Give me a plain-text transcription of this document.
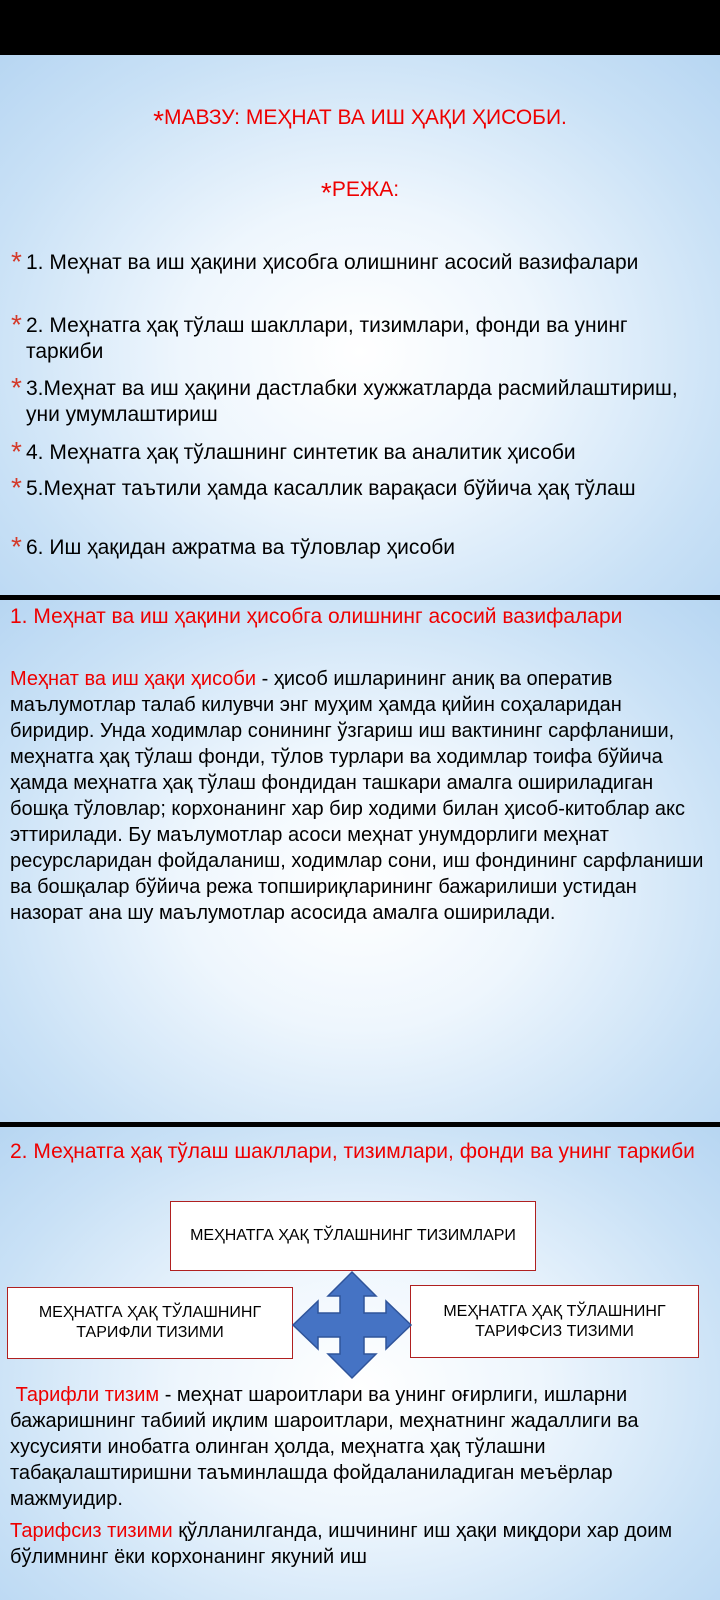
*МАВЗУ: МЕҲНАТ ВА ИШ ҲАҚИ ҲИСОБИ.
*РЕЖА:
* 1. Меҳнат ва иш ҳақини ҳисобга олишнинг асосий вазифалари
* 2. Меҳнатга ҳақ тўлаш шакллари, тизимлари, фонди ва унинг таркиби
* 3.Меҳнат ва иш ҳақини дастлабки хужжатларда расмийлаштириш, уни умумлаштириш
* 4. Меҳнатга ҳақ тўлашнинг синтетик ва аналитик ҳисоби
* 5.Меҳнат таътили ҳамда касаллик варақаси бўйича ҳақ тўлаш
* 6. Иш ҳақидан ажратма ва тўловлар ҳисоби
1. Меҳнат ва иш ҳақини ҳисобга олишнинг асосий вазифалари
Меҳнат ва иш ҳақи ҳисоби - ҳисоб ишларининг аниқ ва оператив маълумотлар талаб килувчи энг муҳим ҳамда қийин соҳаларидан биридир. Унда ходимлар сонининг ўзгариш иш вактининг сарфланиши, меҳнатга ҳақ тўлаш фонди, тўлов турлари ва ходимлар тоифа бўйича ҳамда меҳнатга ҳақ тўлаш фондидан ташкари амалга ошириладиган бошқа тўловлар; корхонанинг хар бир ходими билан ҳисоб-китоблар акс эттирилади. Бу маълумотлар асоси меҳнат унумдорлиги меҳнат ресурсларидан фойдаланиш, ходимлар сони, иш фондининг сарфланиши ва бошқалар бўйича режа топшириқларининг бажарилиши устидан назорат ана шу маълумотлар асосида амалга оширилади.
2. Меҳнатга ҳақ тўлаш шакллари, тизимлари, фонди ва унинг таркиби
МЕҲНАТГА ҲАҚ ТЎЛАШНИНГ ТИЗИМЛАРИ
МЕҲНАТГА ҲАҚ ТЎЛАШНИНГ ТАРИФЛИ ТИЗИМИ
МЕҲНАТГА ҲАҚ ТЎЛАШНИНГ ТАРИФСИЗ ТИЗИМИ
Тарифли тизим - меҳнат шароитлари ва унинг оғирлиги, ишларни бажаришнинг табиий иқлим шароитлари, меҳнатнинг жадаллиги ва хусусияти инобатга олинган ҳолда, меҳнатга ҳақ тўлашни табақалаштиришни таъминлашда фойдаланиладиган меъёрлар мажмуидир.
Тарифсиз тизими қўлланилганда, ишчининг иш ҳақи миқдори хар доим бўлимнинг ёки корхонанинг якуний иш
